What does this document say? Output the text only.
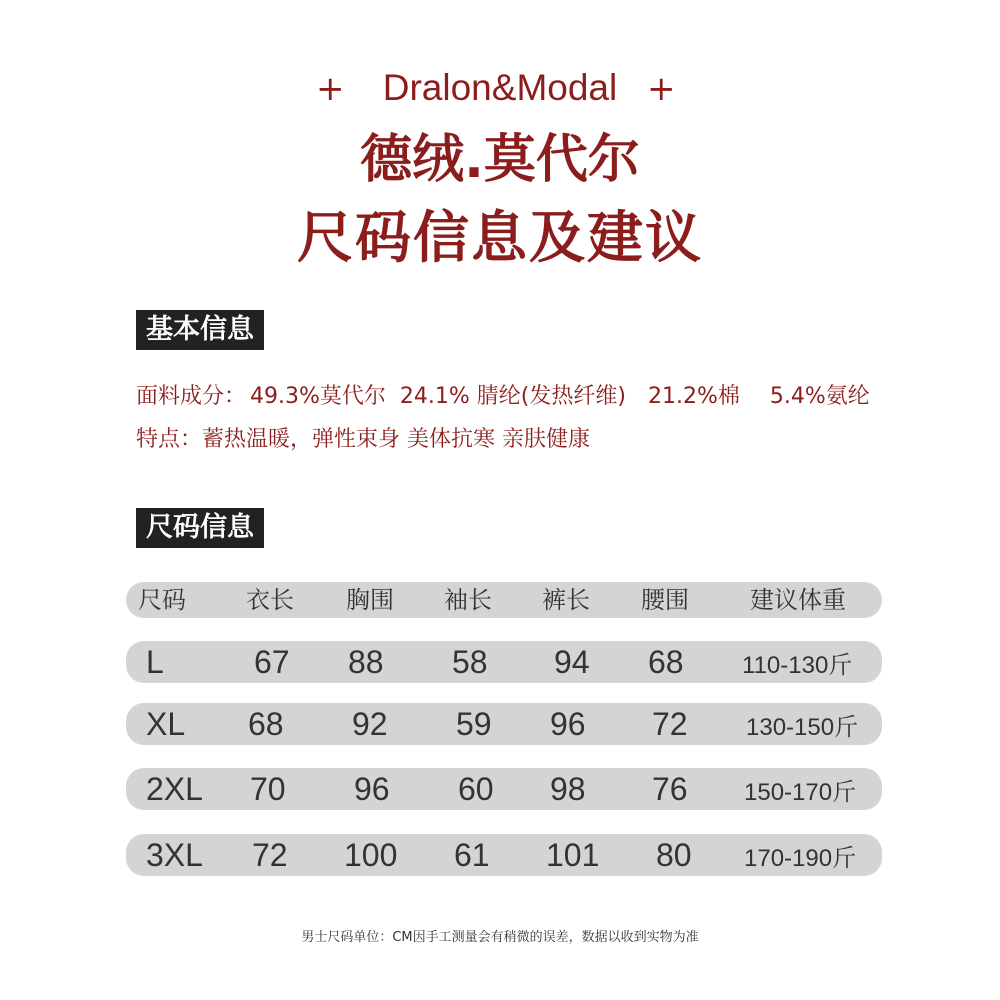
+	Dralon&Modal +
德绒.莫代尔
尺码信息及建议
基本信息
面料成分： 49.3%莫代尔 24.1% 腈纶(发热纤维) 21.2%棉 5.4%氨纶
特点：蓄热温暖，弹性束身 美体抗寒 亲肤健康
尺码信息
尺码	衣长 胸围 袖长 裤长 腰围	建议体重
L	67 88 58 94 68 110-130斤
XL 68 92 59 96 72 130-150斤
2XL 70 96 60 98 76 150-170斤
3XL 72 100 61 101 80 170-190斤
男士尺码单位：CM因手工测量会有稍微的误差，数据以收到实物为准
